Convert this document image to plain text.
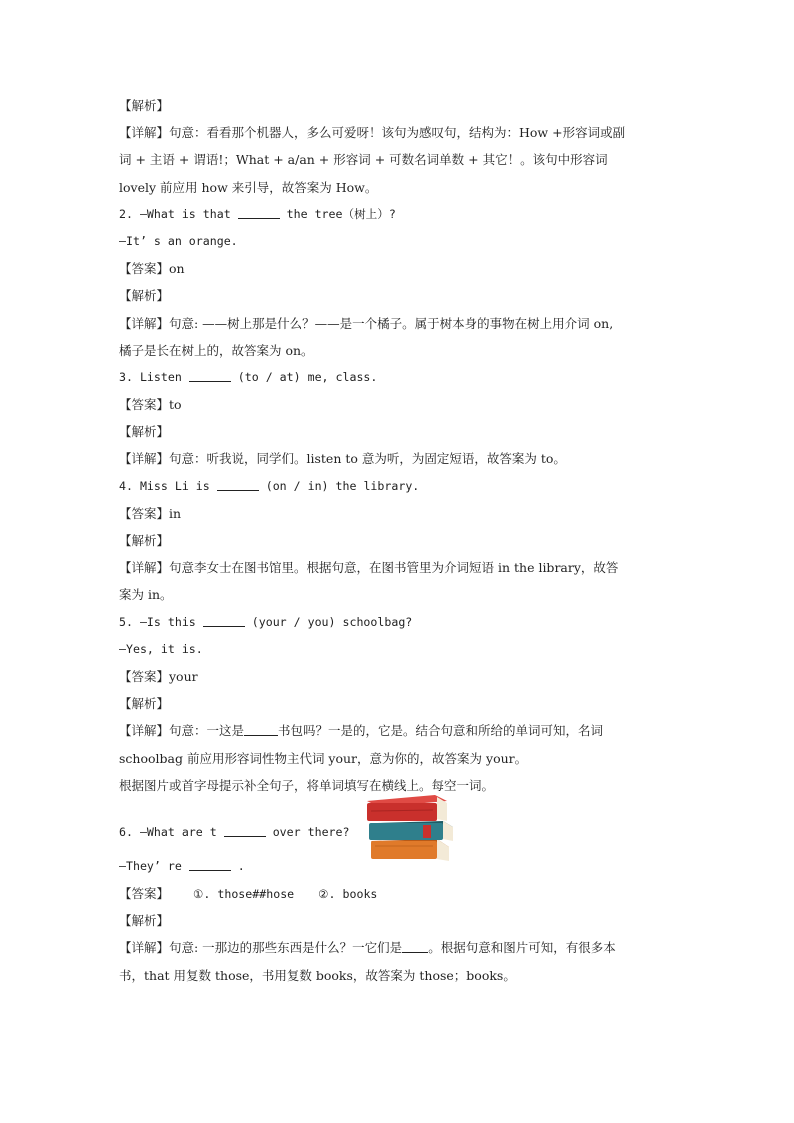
【解析】
【详解】句意：看看那个机器人，多么可爱呀！该句为感叹句，结构为：How +形容词或副
词 + 主语 + 谓语!；What + a/an + 形容词 + 可数名词单数 + 其它！。该句中形容词
lovely 前应用 how 来引导，故答案为 How。
2. —What is that	the tree（树上）?
—It’ s an orange.
【答案】on
【解析】
【详解】句意: ——树上那是什么？——是一个橘子。属于树本身的事物在树上用介词 on,
橘子是长在树上的，故答案为 on。
3. Listen	(to / at) me, class.
【答案】to
【解析】
【详解】句意：听我说，同学们。listen to 意为听，为固定短语，故答案为 to。
4. Miss Li is	(on / in) the library.
【答案】in
【解析】
【详解】句意李女士在图书馆里。根据句意，在图书管里为介词短语 in the library，故答
案为 in。
5. —Is this	(your / you) schoolbag?
—Yes, it is.
【答案】your
【解析】
【详解】句意：一这是	书包吗？一是的，它是。结合句意和所给的单词可知，名词
schoolbag 前应用形容词性物主代词 your，意为你的，故答案为 your。
根据图片或首字母提示补全句子，将单词填写在横线上。每空一词。
6. —What are t	over there?
—They’ re	.
【答案】 ①. those##hose ②. books
【解析】
【详解】句意: 一那边的那些东西是什么？一它们是 。根据句意和图片可知，有很多本
书，that 用复数 those，书用复数 books，故答案为 those；books。
